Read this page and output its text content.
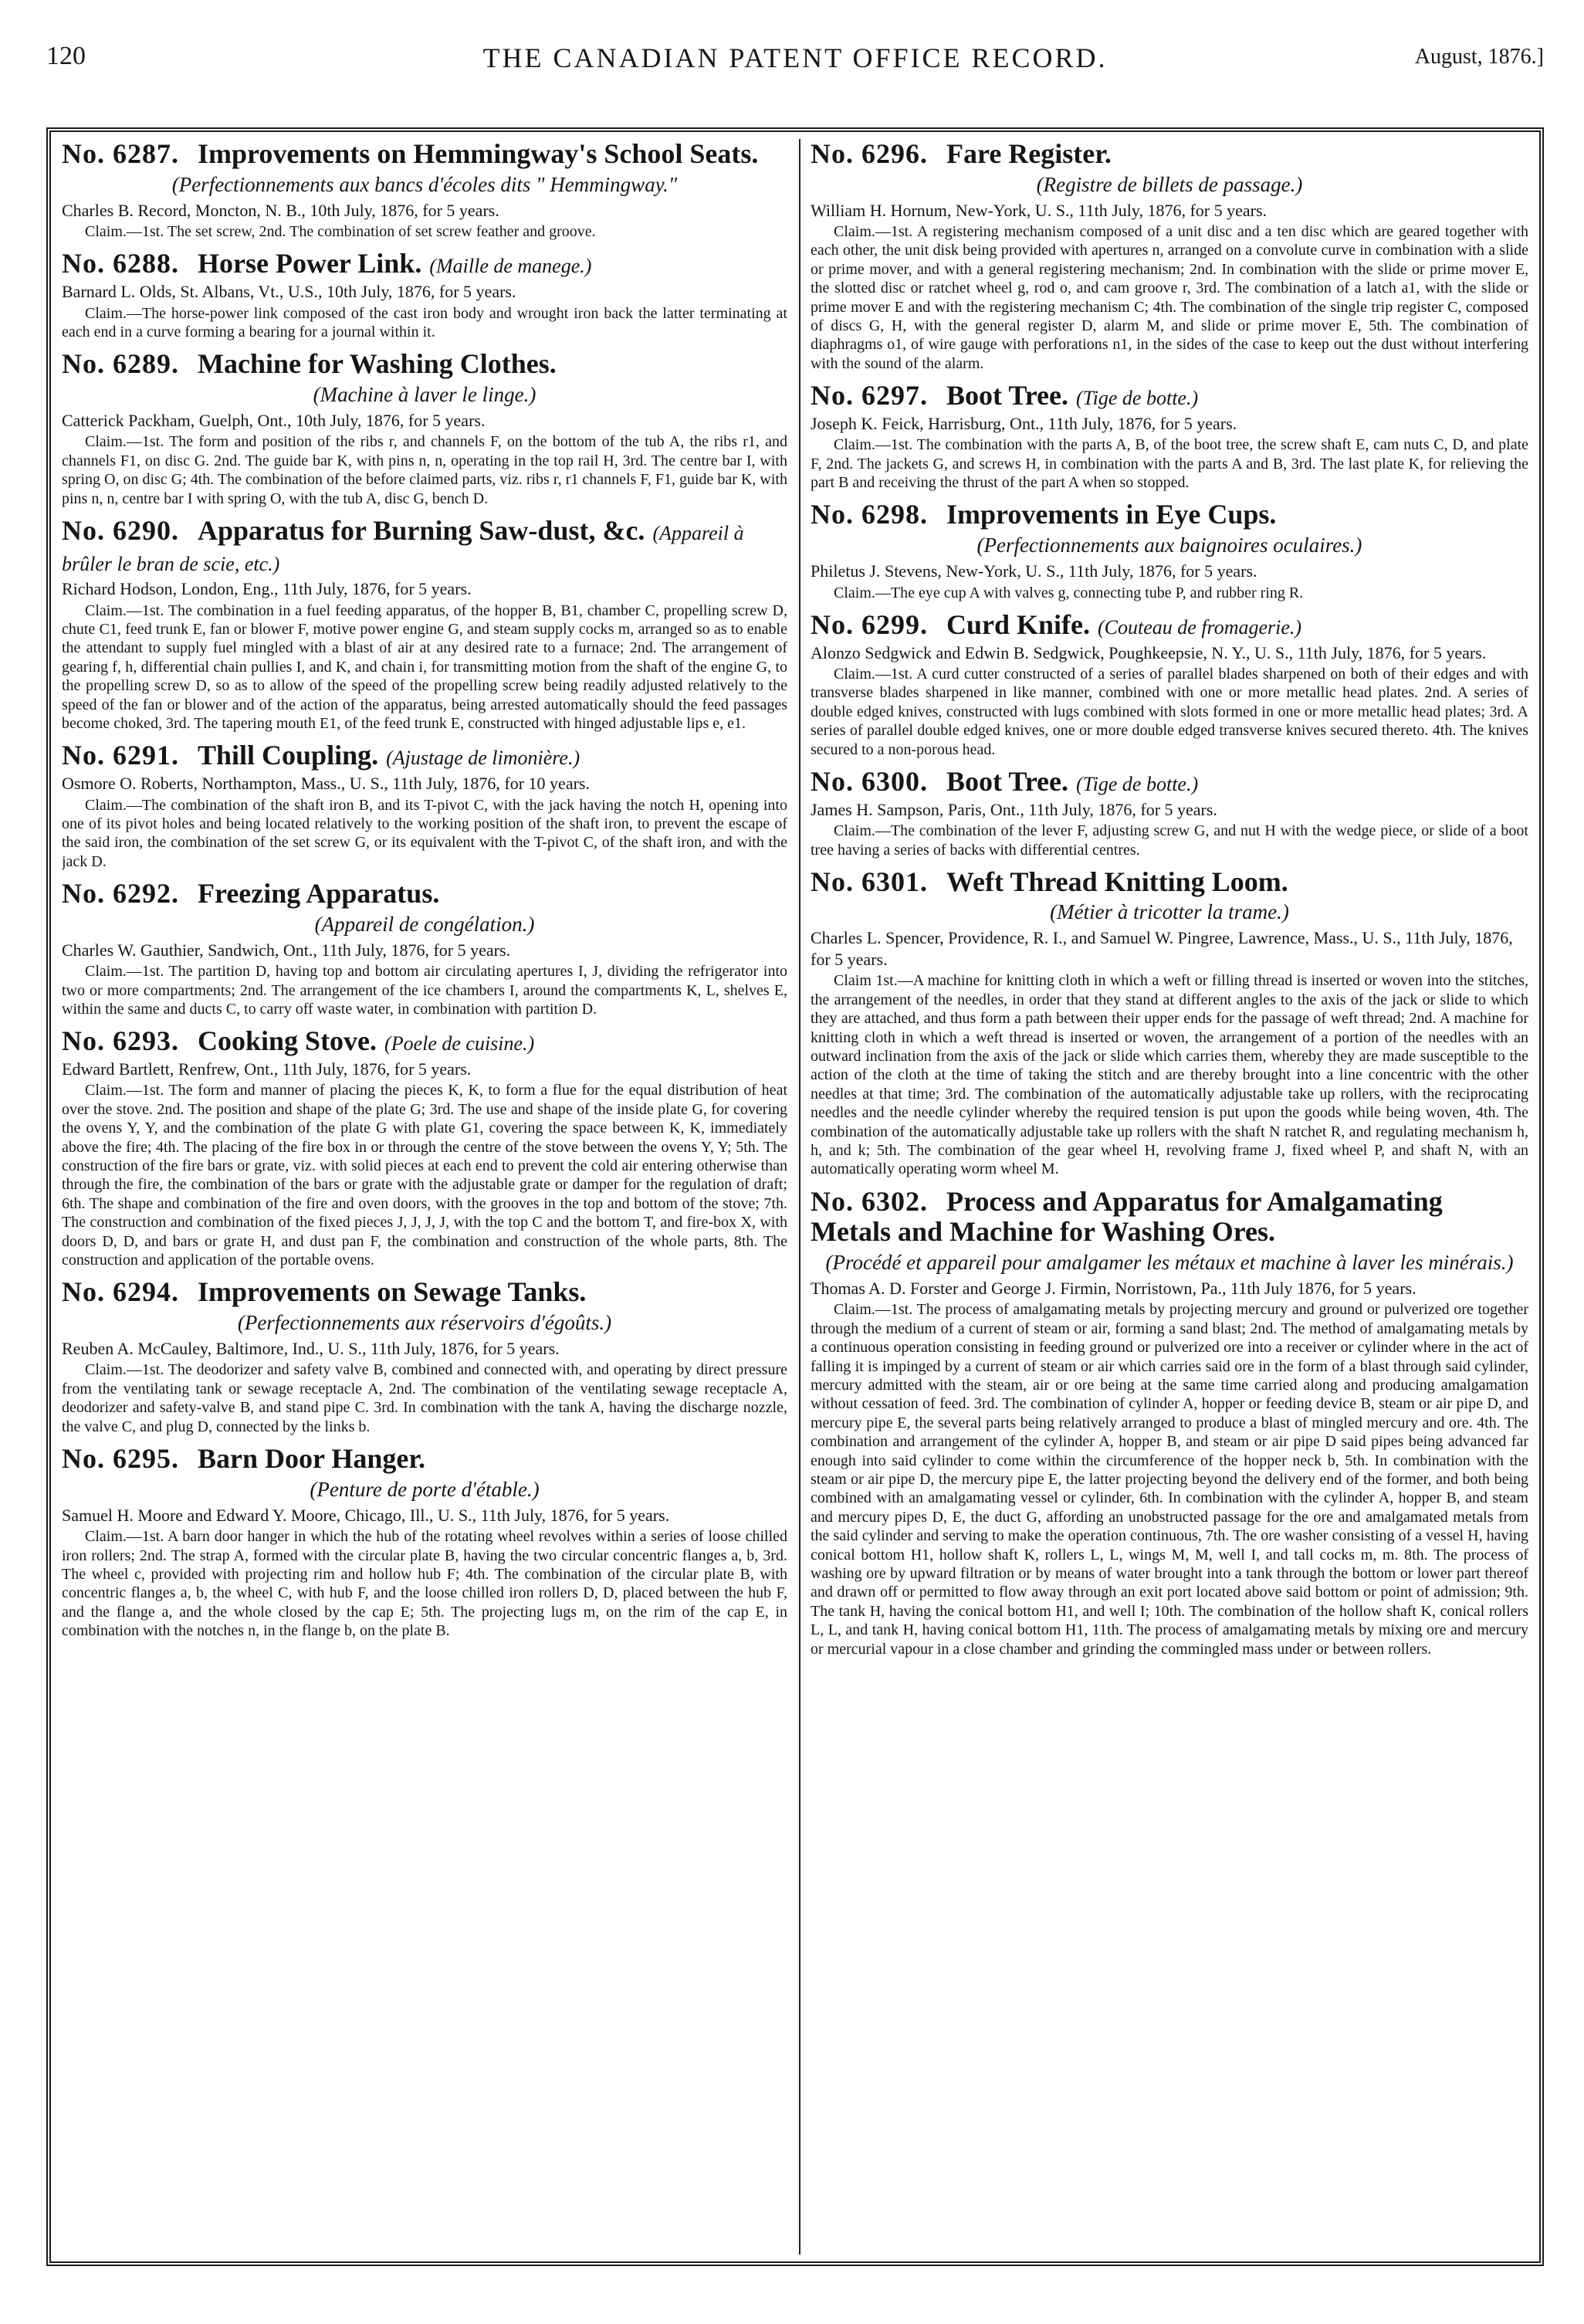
120	THE CANADIAN PATENT OFFICE RECORD.	August, 1876.]
No. 6287. Improvements on Hemmingway's School Seats.
(Perfectionnements aux bancs d'écoles dits " Hemmingway."
Charles B. Record, Moncton, N. B., 10th July, 1876, for 5 years.
Claim.—1st. The set screw, 2nd. The combination of set screw feather and groove.
No. 6288. Horse Power Link. (Maille de manege.)
Barnard L. Olds, St. Albans, Vt., U.S., 10th July, 1876, for 5 years.
Claim.—The horse-power link composed of the cast iron body and wrought iron back the latter terminating at each end in a curve forming a bearing for a journal within it.
No. 6289. Machine for Washing Clothes.
(Machine à laver le linge.)
Catterick Packham, Guelph, Ont., 10th July, 1876, for 5 years.
Claim.—1st. The form and position of the ribs r, and channels F, on the bottom of the tub A, the ribs r1, and channels F1, on disc G. 2nd. The guide bar K, with pins n, n, operating in the top rail H, 3rd. The centre bar I, with spring O, on disc G; 4th. The combination of the before claimed parts, viz. ribs r, r1 channels F, F1, guide bar K, with pins n, n, centre bar I with spring O, with the tub A, disc G, bench D.
No. 6290. Apparatus for Burning Saw-dust, &c. (Appareil à brûler le bran de scie, etc.)
Richard Hodson, London, Eng., 11th July, 1876, for 5 years.
Claim.—1st. The combination in a fuel feeding apparatus, of the hopper B, B1, chamber C, propelling screw D, chute C1, feed trunk E, fan or blower F, motive power engine G, and steam supply cocks m, arranged so as to enable the attendant to supply fuel mingled with a blast of air at any desired rate to a furnace; 2nd. The arrangement of gearing f, h, differential chain pullies I, and K, and chain i, for transmitting motion from the shaft of the engine G, to the propelling screw D, so as to allow of the speed of the propelling screw being readily adjusted relatively to the speed of the fan or blower and of the action of the apparatus, being arrested automatically should the feed passages become choked, 3rd. The tapering mouth E1, of the feed trunk E, constructed with hinged adjustable lips e, e1.
No. 6291. Thill Coupling. (Ajustage de limonière.)
Osmore O. Roberts, Northampton, Mass., U. S., 11th July, 1876, for 10 years.
Claim.—The combination of the shaft iron B, and its T-pivot C, with the jack having the notch H, opening into one of its pivot holes and being located relatively to the working position of the shaft iron, to prevent the escape of the said iron, the combination of the set screw G, or its equivalent with the T-pivot C, of the shaft iron, and with the jack D.
No. 6292. Freezing Apparatus.
(Appareil de congélation.)
Charles W. Gauthier, Sandwich, Ont., 11th July, 1876, for 5 years.
Claim.—1st. The partition D, having top and bottom air circulating apertures I, J, dividing the refrigerator into two or more compartments; 2nd. The arrangement of the ice chambers I, around the compartments K, L, shelves E, within the same and ducts C, to carry off waste water, in combination with partition D.
No. 6293. Cooking Stove. (Poele de cuisine.)
Edward Bartlett, Renfrew, Ont., 11th July, 1876, for 5 years.
Claim.—1st. The form and manner of placing the pieces K, K, to form a flue for the equal distribution of heat over the stove. 2nd. The position and shape of the plate G; 3rd. The use and shape of the inside plate G, for covering the ovens Y, Y, and the combination of the plate G with plate G1, covering the space between K, K, immediately above the fire; 4th. The placing of the fire box in or through the centre of the stove between the ovens Y, Y; 5th. The construction of the fire bars or grate, viz. with solid pieces at each end to prevent the cold air entering otherwise than through the fire, the combination of the bars or grate with the adjustable grate or damper for the regulation of draft; 6th. The shape and combination of the fire and oven doors, with the grooves in the top and bottom of the stove; 7th. The construction and combination of the fixed pieces J, J, J, J, with the top C and the bottom T, and fire-box X, with doors D, D, and bars or grate H, and dust pan F, the combination and construction of the whole parts, 8th. The construction and application of the portable ovens.
No. 6294. Improvements on Sewage Tanks.
(Perfectionnements aux réservoirs d'égoûts.)
Reuben A. McCauley, Baltimore, Ind., U. S., 11th July, 1876, for 5 years.
Claim.—1st. The deodorizer and safety valve B, combined and connected with, and operating by direct pressure from the ventilating tank or sewage receptacle A, 2nd. The combination of the ventilating sewage receptacle A, deodorizer and safety-valve B, and stand pipe C. 3rd. In combination with the tank A, having the discharge nozzle, the valve C, and plug D, connected by the links b.
No. 6295. Barn Door Hanger.
(Penture de porte d'étable.)
Samuel H. Moore and Edward Y. Moore, Chicago, Ill., U. S., 11th July, 1876, for 5 years.
Claim.—1st. A barn door hanger in which the hub of the rotating wheel revolves within a series of loose chilled iron rollers; 2nd. The strap A, formed with the circular plate B, having the two circular concentric flanges a, b, 3rd. The wheel c, provided with projecting rim and hollow hub F; 4th. The combination of the circular plate B, with concentric flanges a, b, the wheel C, with hub F, and the loose chilled iron rollers D, D, placed between the hub F, and the flange a, and the whole closed by the cap E; 5th. The projecting lugs m, on the rim of the cap E, in combination with the notches n, in the flange b, on the plate B.
No. 6296. Fare Register.
(Registre de billets de passage.)
William H. Hornum, New-York, U. S., 11th July, 1876, for 5 years.
Claim.—1st. A registering mechanism composed of a unit disc and a ten disc which are geared together with each other, the unit disk being provided with apertures n, arranged on a convolute curve in combination with a slide or prime mover, and with a general registering mechanism; 2nd. In combination with the slide or prime mover E, the slotted disc or ratchet wheel g, rod o, and cam groove r, 3rd. The combination of a latch a1, with the slide or prime mover E and with the registering mechanism C; 4th. The combination of the single trip register C, composed of discs G, H, with the general register D, alarm M, and slide or prime mover E, 5th. The combination of diaphragms o1, of wire gauge with perforations n1, in the sides of the case to keep out the dust without interfering with the sound of the alarm.
No. 6297. Boot Tree. (Tige de botte.)
Joseph K. Feick, Harrisburg, Ont., 11th July, 1876, for 5 years.
Claim.—1st. The combination with the parts A, B, of the boot tree, the screw shaft E, cam nuts C, D, and plate F, 2nd. The jackets G, and screws H, in combination with the parts A and B, 3rd. The last plate K, for relieving the part B and receiving the thrust of the part A when so stopped.
No. 6298. Improvements in Eye Cups.
(Perfectionnements aux baignoires oculaires.)
Philetus J. Stevens, New-York, U. S., 11th July, 1876, for 5 years.
Claim.—The eye cup A with valves g, connecting tube P, and rubber ring R.
No. 6299. Curd Knife. (Couteau de fromagerie.)
Alonzo Sedgwick and Edwin B. Sedgwick, Poughkeepsie, N. Y., U. S., 11th July, 1876, for 5 years.
Claim.—1st. A curd cutter constructed of a series of parallel blades sharpened on both of their edges and with transverse blades sharpened in like manner, combined with one or more metallic head plates. 2nd. A series of double edged knives, constructed with lugs combined with slots formed in one or more metallic head plates; 3rd. A series of parallel double edged knives, one or more double edged transverse knives secured thereto. 4th. The knives secured to a non-porous head.
No. 6300. Boot Tree. (Tige de botte.)
James H. Sampson, Paris, Ont., 11th July, 1876, for 5 years.
Claim.—The combination of the lever F, adjusting screw G, and nut H with the wedge piece, or slide of a boot tree having a series of backs with differential centres.
No. 6301. Weft Thread Knitting Loom.
(Métier à tricotter la trame.)
Charles L. Spencer, Providence, R. I., and Samuel W. Pingree, Lawrence, Mass., U. S., 11th July, 1876, for 5 years.
Claim 1st.—A machine for knitting cloth in which a weft or filling thread is inserted or woven into the stitches, the arrangement of the needles, in order that they stand at different angles to the axis of the jack or slide to which they are attached, and thus form a path between their upper ends for the passage of weft thread; 2nd. A machine for knitting cloth in which a weft thread is inserted or woven, the arrangement of a portion of the needles with an outward inclination from the axis of the jack or slide which carries them, whereby they are made susceptible to the action of the cloth at the time of taking the stitch and are thereby brought into a line concentric with the other needles at that time; 3rd. The combination of the automatically adjustable take up rollers, with the reciprocating needles and the needle cylinder whereby the required tension is put upon the goods while being woven, 4th. The combination of the automatically adjustable take up rollers with the shaft N ratchet R, and regulating mechanism h, h, and k; 5th. The combination of the gear wheel H, revolving frame J, fixed wheel P, and shaft N, with an automatically operating worm wheel M.
No. 6302. Process and Apparatus for Amalgamating Metals and Machine for Washing Ores.
(Procédé et appareil pour amalgamer les métaux et machine à laver les minérais.)
Thomas A. D. Forster and George J. Firmin, Norristown, Pa., 11th July 1876, for 5 years.
Claim.—1st. The process of amalgamating metals by projecting mercury and ground or pulverized ore together through the medium of a current of steam or air, forming a sand blast; 2nd. The method of amalgamating metals by a continuous operation consisting in feeding ground or pulverized ore into a receiver or cylinder where in the act of falling it is impinged by a current of steam or air which carries said ore in the form of a blast through said cylinder, mercury admitted with the steam, air or ore being at the same time carried along and producing amalgamation without cessation of feed. 3rd. The combination of cylinder A, hopper or feeding device B, steam or air pipe D, and mercury pipe E, the several parts being relatively arranged to produce a blast of mingled mercury and ore. 4th. The combination and arrangement of the cylinder A, hopper B, and steam or air pipe D said pipes being advanced far enough into said cylinder to come within the circumference of the hopper neck b, 5th. In combination with the steam or air pipe D, the mercury pipe E, the latter projecting beyond the delivery end of the former, and both being combined with an amalgamating vessel or cylinder, 6th. In combination with the cylinder A, hopper B, and steam and mercury pipes D, E, the duct G, affording an unobstructed passage for the ore and amalgamated metals from the said cylinder and serving to make the operation continuous, 7th. The ore washer consisting of a vessel H, having conical bottom H1, hollow shaft K, rollers L, L, wings M, M, well I, and tall cocks m, m. 8th. The process of washing ore by upward filtration or by means of water brought into a tank through the bottom or lower part thereof and drawn off or permitted to flow away through an exit port located above said bottom or point of admission; 9th. The tank H, having the conical bottom H1, and well I; 10th. The combination of the hollow shaft K, conical rollers L, L, and tank H, having conical bottom H1, 11th. The process of amalgamating metals by mixing ore and mercury or mercurial vapour in a close chamber and grinding the commingled mass under or between rollers.
